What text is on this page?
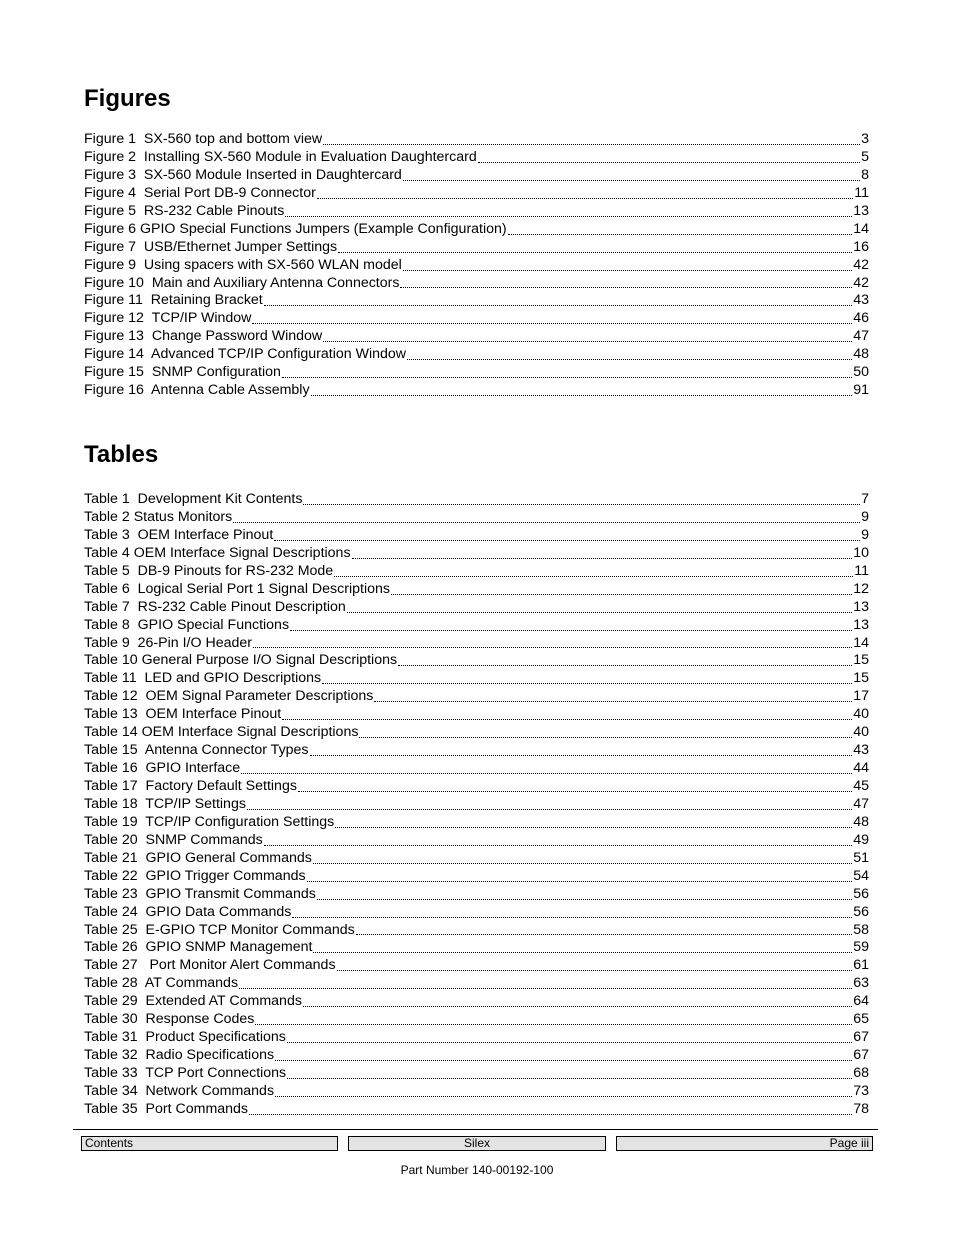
Figures
Figure 1  SX-560 top and bottom view	3
Figure 2  Installing SX-560 Module in Evaluation Daughtercard	5
Figure 3  SX-560 Module Inserted in Daughtercard	8
Figure 4  Serial Port DB-9 Connector	11
Figure 5  RS-232 Cable Pinouts	13
Figure 6 GPIO Special Functions Jumpers (Example Configuration)	14
Figure 7  USB/Ethernet Jumper Settings	16
Figure 9  Using spacers with SX-560 WLAN model	42
Figure 10  Main and Auxiliary Antenna Connectors	42
Figure 11  Retaining Bracket	43
Figure 12  TCP/IP Window	46
Figure 13  Change Password Window	47
Figure 14  Advanced TCP/IP Configuration Window	48
Figure 15  SNMP Configuration	50
Figure 16  Antenna Cable Assembly	91
Tables
Table 1  Development Kit Contents	7
Table 2 Status Monitors	9
Table 3  OEM Interface Pinout	9
Table 4 OEM Interface Signal Descriptions	10
Table 5  DB-9 Pinouts for RS-232 Mode	11
Table 6  Logical Serial Port 1 Signal Descriptions	12
Table 7  RS-232 Cable Pinout Description	13
Table 8  GPIO Special Functions	13
Table 9  26-Pin I/O Header	14
Table 10 General Purpose I/O Signal Descriptions	15
Table 11  LED and GPIO Descriptions	15
Table 12  OEM Signal Parameter Descriptions	17
Table 13  OEM Interface Pinout	40
Table 14 OEM Interface Signal Descriptions	40
Table 15  Antenna Connector Types	43
Table 16  GPIO Interface	44
Table 17  Factory Default Settings	45
Table 18  TCP/IP Settings	47
Table 19  TCP/IP Configuration Settings	48
Table 20  SNMP Commands	49
Table 21  GPIO General Commands	51
Table 22  GPIO Trigger Commands	54
Table 23  GPIO Transmit Commands	56
Table 24  GPIO Data Commands	56
Table 25  E-GPIO TCP Monitor Commands	58
Table 26  GPIO SNMP Management	59
Table 27   Port Monitor Alert Commands	61
Table 28  AT Commands	63
Table 29  Extended AT Commands	64
Table 30  Response Codes	65
Table 31  Product Specifications	67
Table 32  Radio Specifications	67
Table 33  TCP Port Connections	68
Table 34  Network Commands	73
Table 35  Port Commands	78
Contents	Silex	Page iii
Part Number 140-00192-100
